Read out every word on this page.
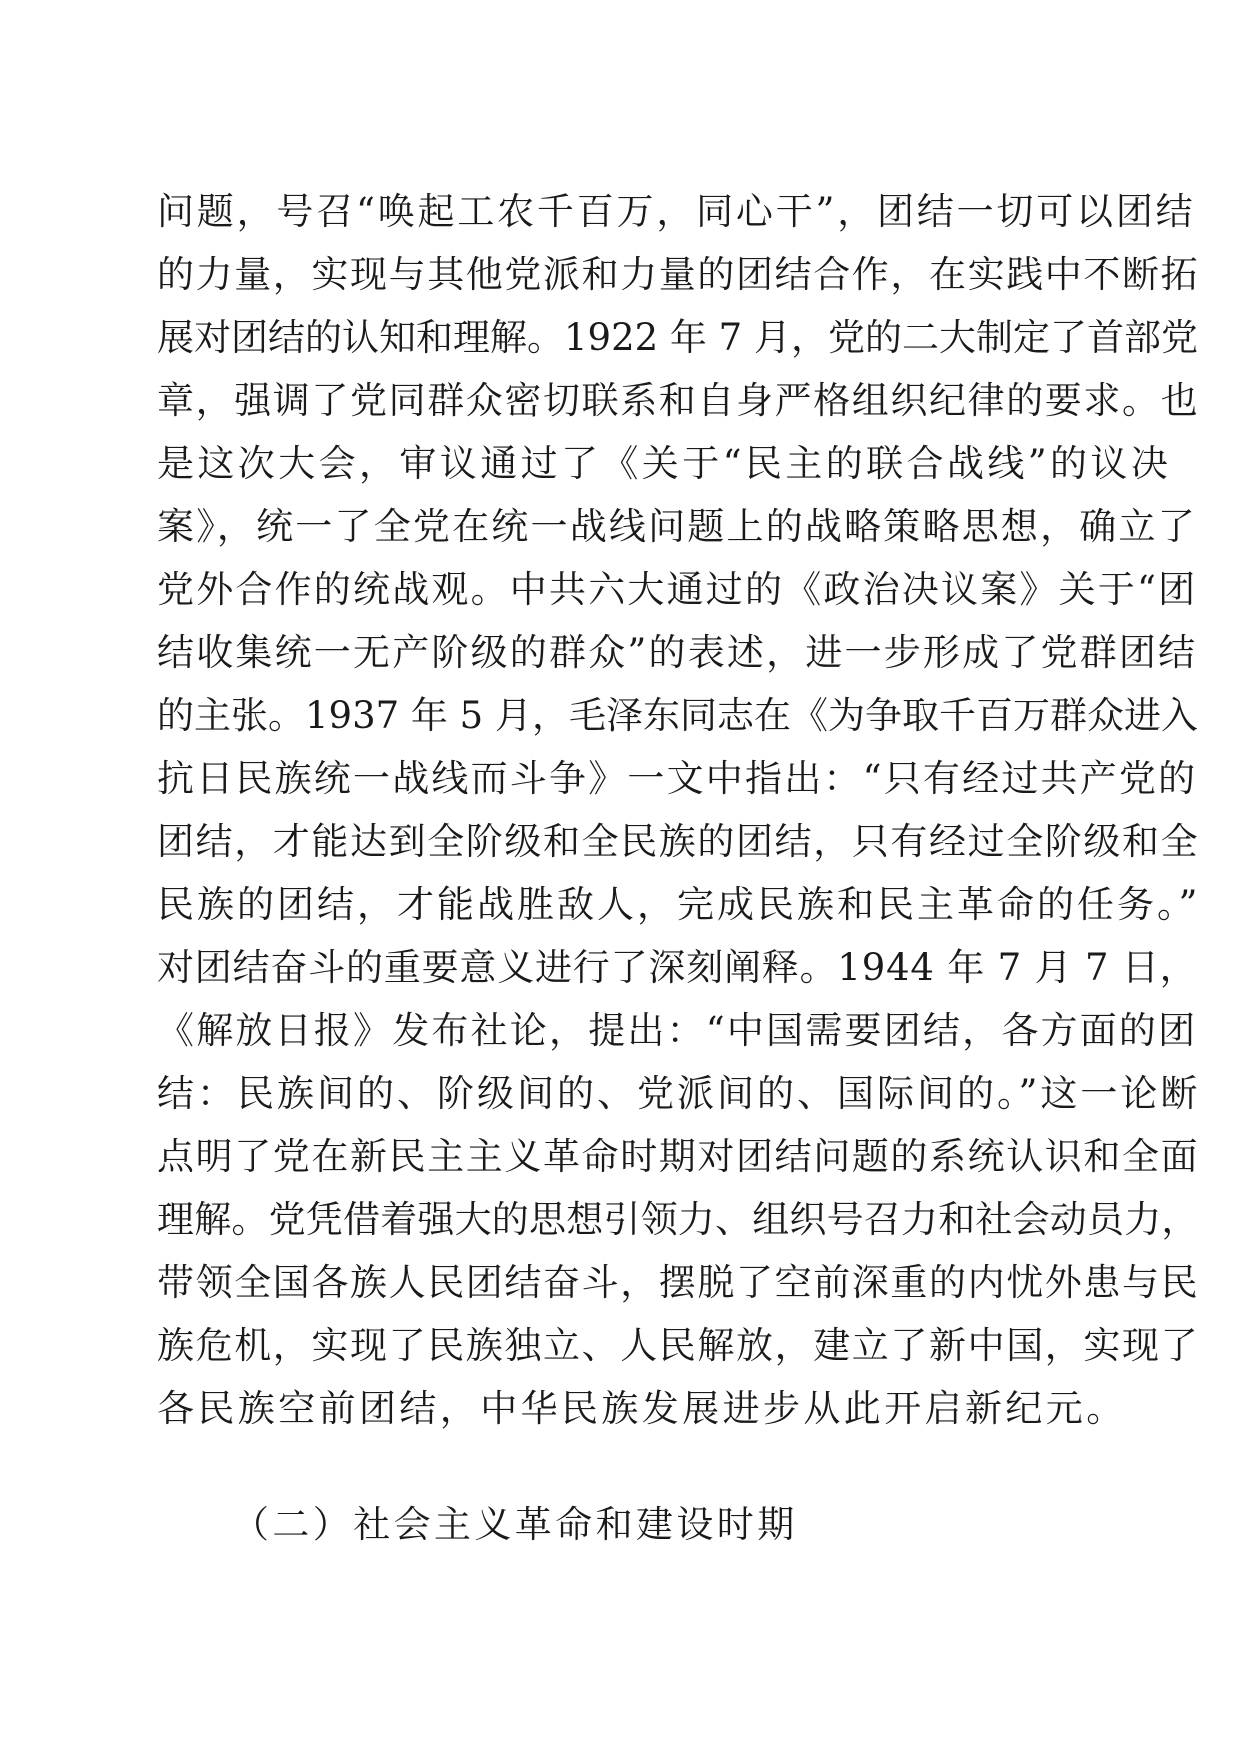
问题，号召“唤起工农千百万，同心干”，团结一切可以团结
的力量，实现与其他党派和力量的团结合作，在实践中不断拓
展对团结的认知和理解。1922 年 7 月，党的二大制定了首部党
章，强调了党同群众密切联系和自身严格组织纪律的要求。也
是这次大会，审议通过了《关于“民主的联合战线”的议决
案》，统一了全党在统一战线问题上的战略策略思想，确立了
党外合作的统战观。中共六大通过的《政治决议案》关于“团
结收集统一无产阶级的群众”的表述，进一步形成了党群团结
的主张。1937 年 5 月，毛泽东同志在《为争取千百万群众进入
抗日民族统一战线而斗争》一文中指出：“只有经过共产党的
团结，才能达到全阶级和全民族的团结，只有经过全阶级和全
民族的团结，才能战胜敌人，完成民族和民主革命的任务。”
对团结奋斗的重要意义进行了深刻阐释。1944 年 7 月 7 日，
《解放日报》发布社论，提出：“中国需要团结，各方面的团
结：民族间的、阶级间的、党派间的、国际间的。”这一论断
点明了党在新民主主义革命时期对团结问题的系统认识和全面
理解。党凭借着强大的思想引领力、组织号召力和社会动员力，
带领全国各族人民团结奋斗，摆脱了空前深重的内忧外患与民
族危机，实现了民族独立、人民解放，建立了新中国，实现了
各民族空前团结，中华民族发展进步从此开启新纪元。
（二）社会主义革命和建设时期
